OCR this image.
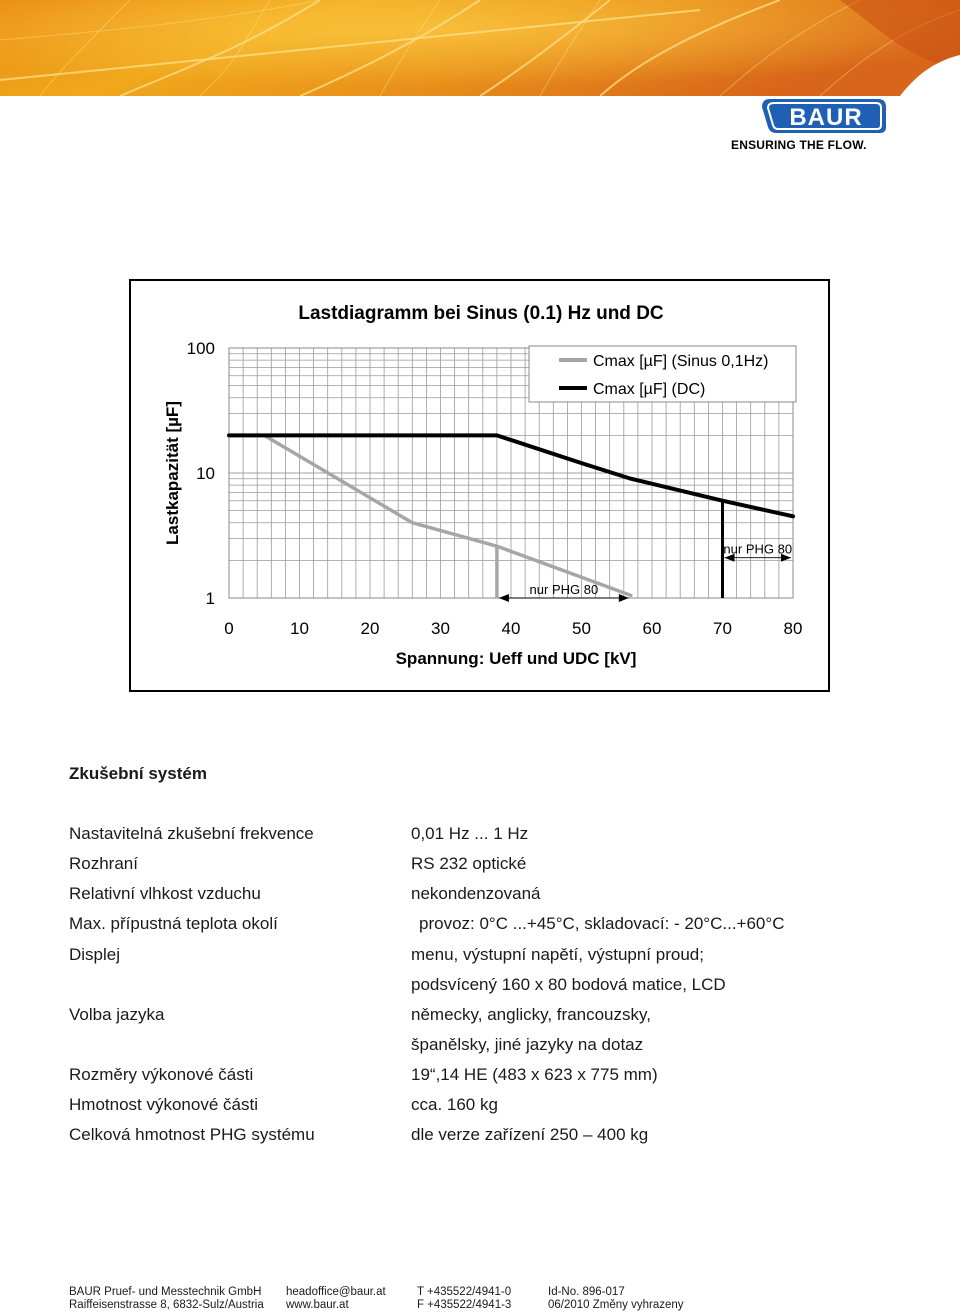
BAUR
ENSURING THE FLOW.
nur PHG 80
nur PHG 80
Cmax [µF] (Sinus 0,1Hz)
Cmax [µF] (DC)
0	10	20	30	40	50	60	70	80
1
10
100
Lastdiagramm bei Sinus (0.1) Hz und DC
Spannung: Ueff und UDC [kV]
Lastkapazität [µF]
Zkušební systém
Nastavitelná zkušební frekvence	0,01 Hz ... 1 Hz
Rozhraní	RS 232 optické
Relativní vlhkost vzduchu	nekondenzovaná
Max. přípustná teplota okolí	provoz: 0°C ...+45°C, skladovací: - 20°C...+60°C
Displej	menu, výstupní napětí, výstupní proud;
podsvícený 160 x 80 bodová matice, LCD
Volba jazyka	německy, anglicky, francouzsky,
španělsky, jiné jazyky na dotaz
Rozměry výkonové části	19“,14 HE (483 x 623 x 775 mm)
Hmotnost výkonové části	cca. 160 kg
Celková hmotnost PHG systému	dle verze zařízení 250 – 400 kg
BAUR Pruef- und Messtechnik GmbH
Raiffeisenstrasse 8, 6832-Sulz/Austria
headoffice@baur.at
www.baur.at
T +435522/4941-0
F +435522/4941-3
Id-No. 896-017
06/2010 Změny vyhrazeny
